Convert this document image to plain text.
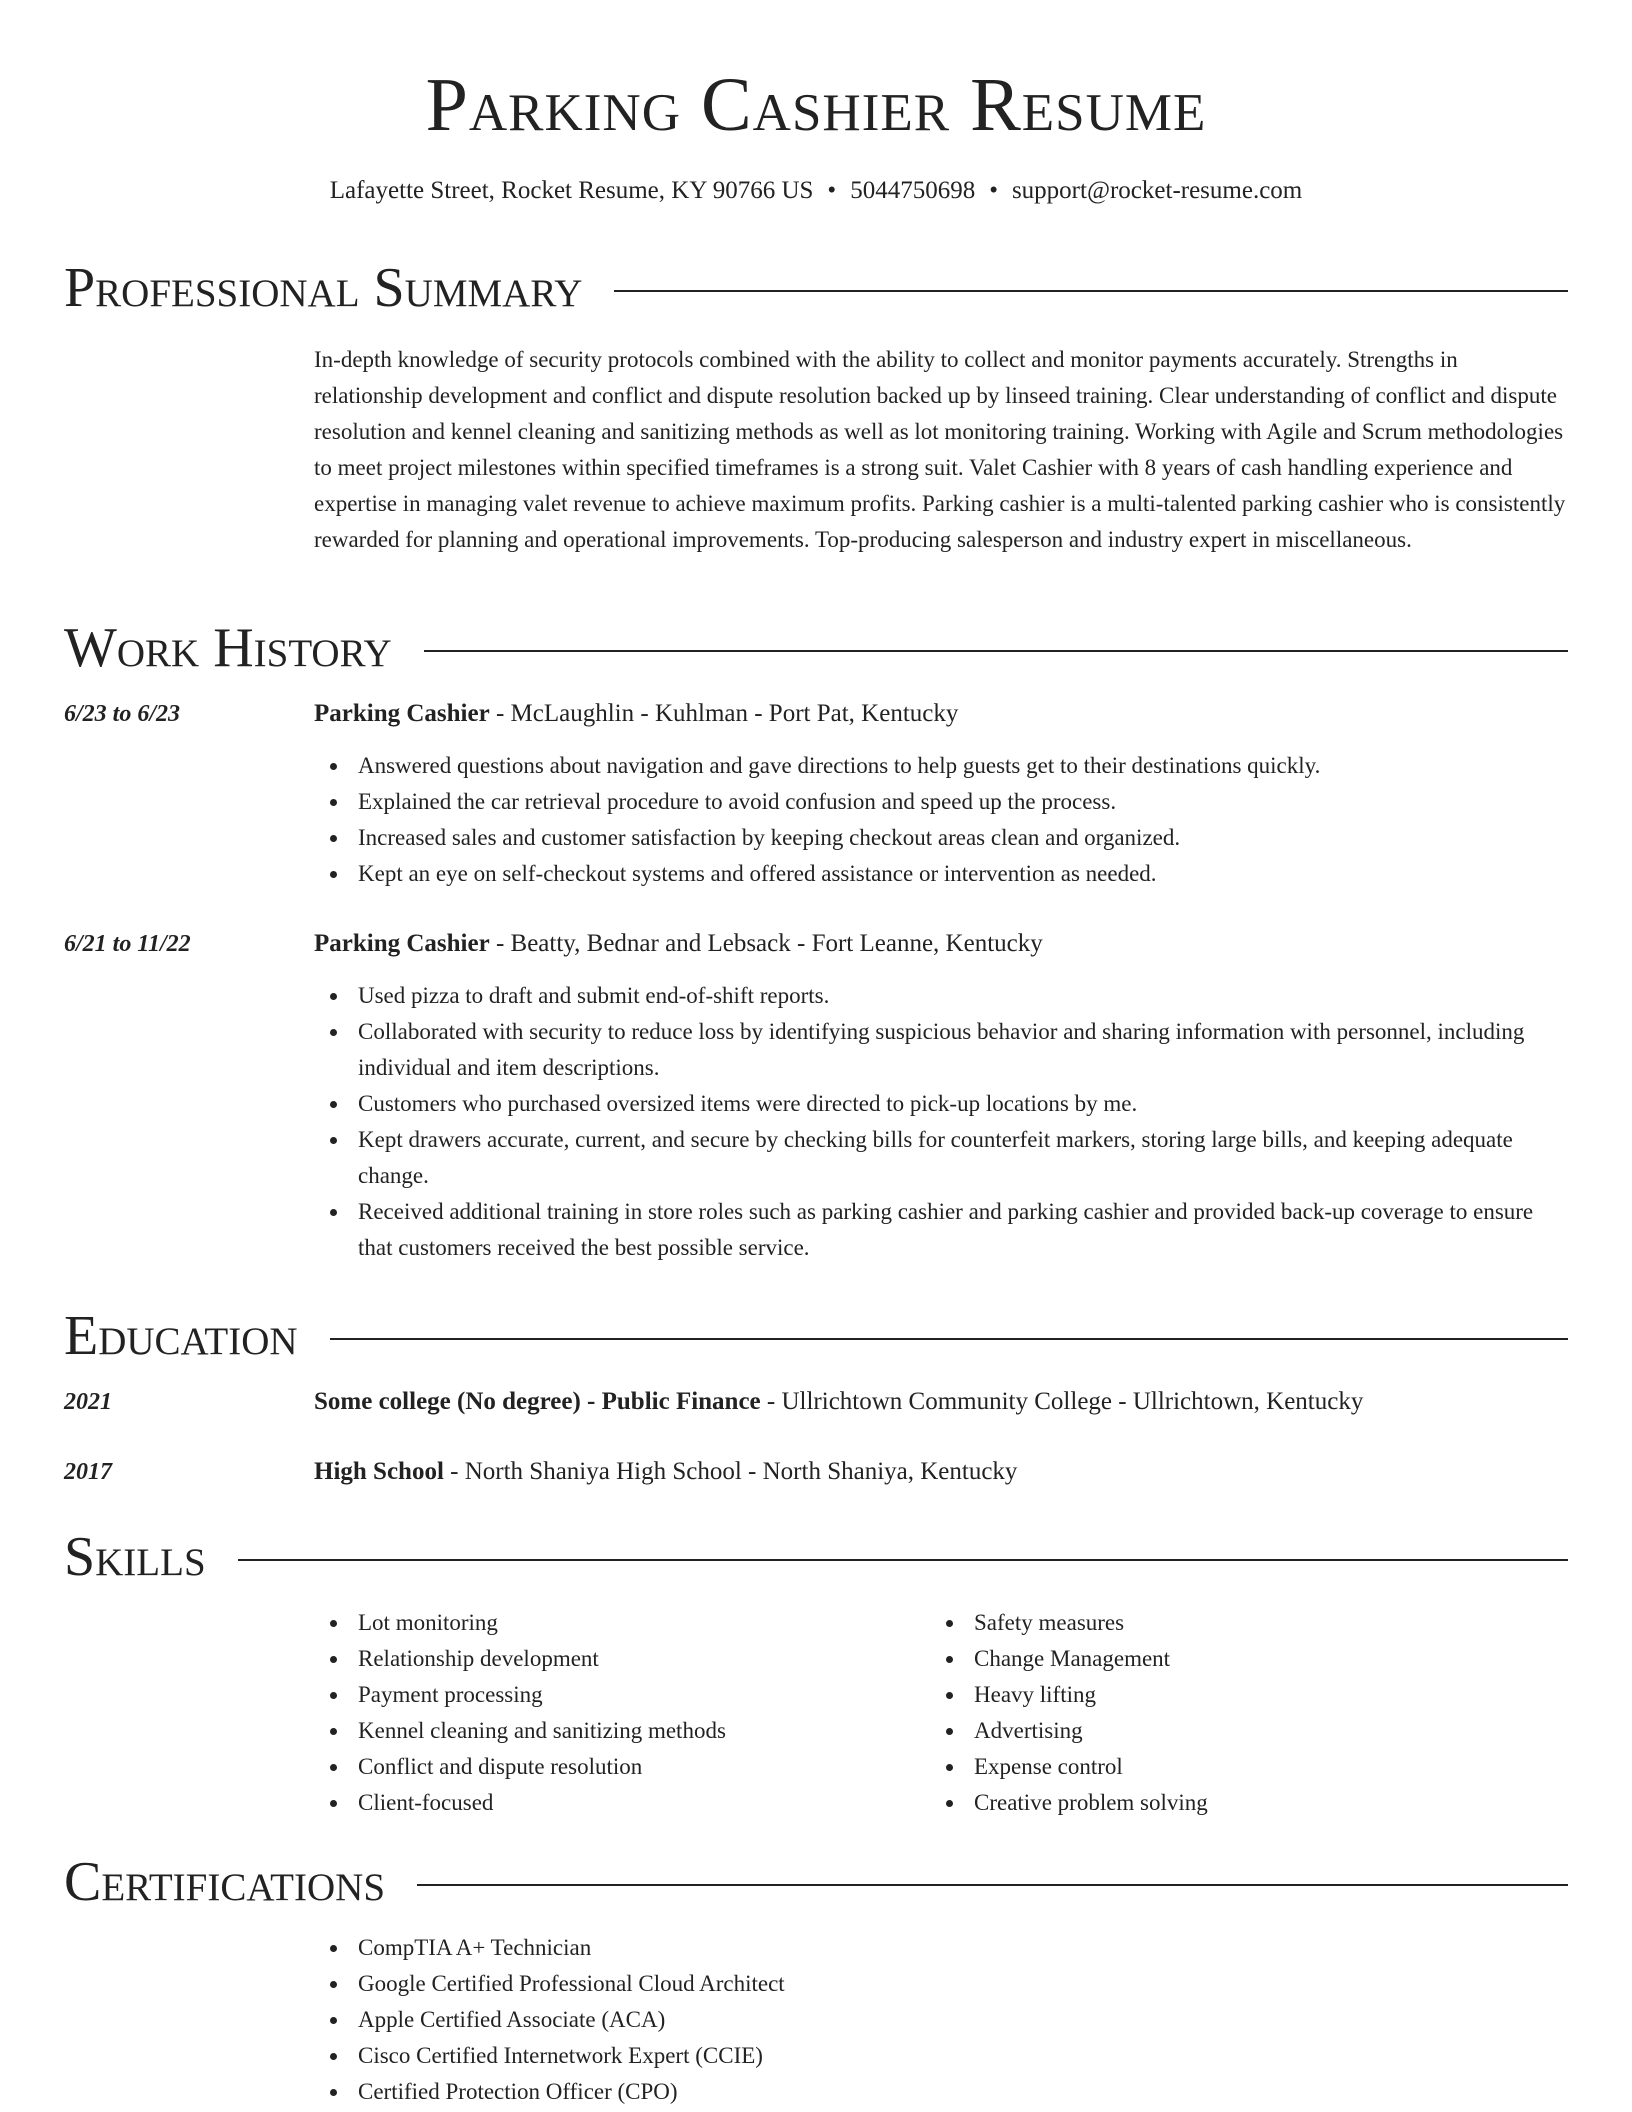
Parking Cashier Resume
Lafayette Street, Rocket Resume, KY 90766 US • 5044750698 • support@rocket-resume.com
Professional Summary

In-depth knowledge of security protocols combined with the ability to collect and monitor payments accurately. Strengths in relationship development and conflict and dispute resolution backed up by linseed training. Clear understanding of conflict and dispute resolution and kennel cleaning and sanitizing methods as well as lot monitoring training. Working with Agile and Scrum methodologies to meet project milestones within specified timeframes is a strong suit. Valet Cashier with 8 years of cash handling experience and expertise in managing valet revenue to achieve maximum profits. Parking cashier is a multi-talented parking cashier who is consistently rewarded for planning and operational improvements. Top-producing salesperson and industry expert in miscellaneous.

Work History
6/23 to 6/23	Parking Cashier - McLaughlin - Kuhlman - Port Pat, Kentucky
Answered questions about navigation and gave directions to help guests get to their destinations quickly.
Explained the car retrieval procedure to avoid confusion and speed up the process.
Increased sales and customer satisfaction by keeping checkout areas clean and organized.
Kept an eye on self-checkout systems and offered assistance or intervention as needed.
6/21 to 11/22	Parking Cashier - Beatty, Bednar and Lebsack - Fort Leanne, Kentucky
Used pizza to draft and submit end-of-shift reports.
Collaborated with security to reduce loss by identifying suspicious behavior and sharing information with personnel, including individual and item descriptions.
Customers who purchased oversized items were directed to pick-up locations by me.
Kept drawers accurate, current, and secure by checking bills for counterfeit markers, storing large bills, and keeping adequate change.
Received additional training in store roles such as parking cashier and parking cashier and provided back-up coverage to ensure that customers received the best possible service.
Education
2021	Some college (No degree) - Public Finance - Ullrichtown Community College - Ullrichtown, Kentucky
2017	High School - North Shaniya High School - North Shaniya, Kentucky
Skills
Lot monitoring
Relationship development
Payment processing
Kennel cleaning and sanitizing methods
Conflict and dispute resolution
Client-focused
Safety measures
Change Management
Heavy lifting
Advertising
Expense control
Creative problem solving
Certifications
CompTIA A+ Technician
Google Certified Professional Cloud Architect
Apple Certified Associate (ACA)
Cisco Certified Internetwork Expert (CCIE)
Certified Protection Officer (CPO)
